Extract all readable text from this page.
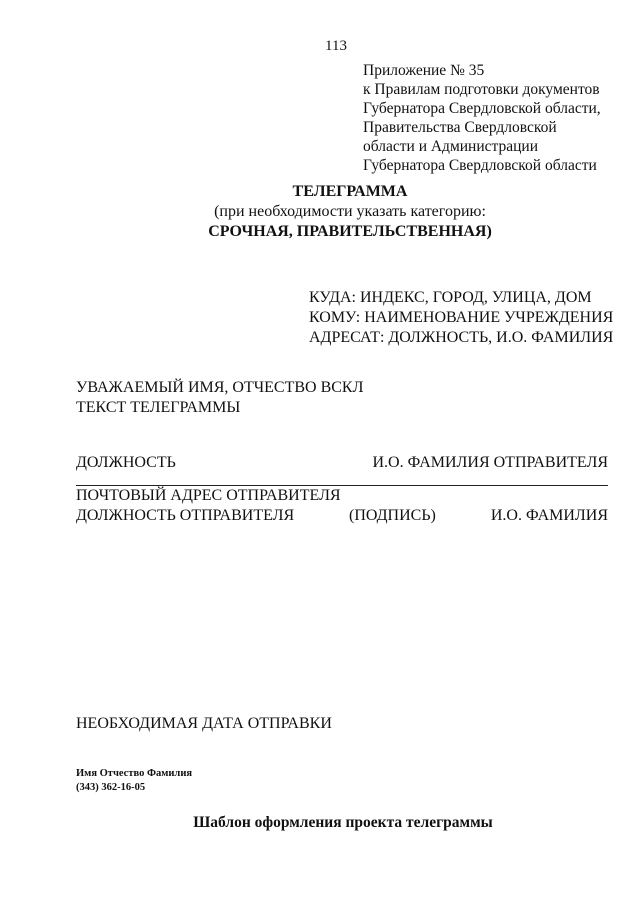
113
Приложение № 35
к Правилам подготовки документов
Губернатора Свердловской области,
Правительства Свердловской
области и Администрации
Губернатора Свердловской области
ТЕЛЕГРАММА
(при необходимости указать категорию:
СРОЧНАЯ, ПРАВИТЕЛЬСТВЕННАЯ)
КУДА: ИНДЕКС, ГОРОД, УЛИЦА, ДОМ
КОМУ: НАИМЕНОВАНИЕ УЧРЕЖДЕНИЯ
АДРЕСАТ: ДОЛЖНОСТЬ, И.О. ФАМИЛИЯ
УВАЖАЕМЫЙ ИМЯ, ОТЧЕСТВО ВСКЛ
ТЕКСТ ТЕЛЕГРАММЫ
ДОЛЖНОСТЬ	И.О. ФАМИЛИЯ ОТПРАВИТЕЛЯ
ПОЧТОВЫЙ АДРЕС ОТПРАВИТЕЛЯ
ДОЛЖНОСТЬ ОТПРАВИТЕЛЯ	(ПОДПИСЬ)	И.О. ФАМИЛИЯ
НЕОБХОДИМАЯ ДАТА ОТПРАВКИ
Имя Отчество Фамилия
(343) 362-16-05
Шаблон оформления проекта телеграммы
